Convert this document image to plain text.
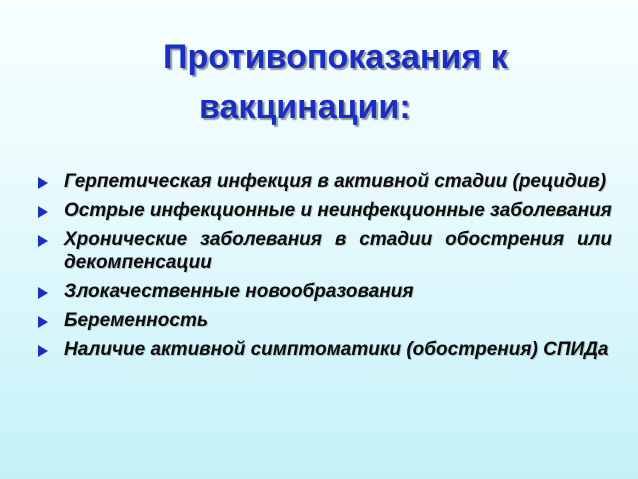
Противопоказания к
вакцинации:
Герпетическая инфекция в активной стадии (рецидив)
Острые инфекционные и неинфекционные заболевания
Хронические заболевания в стадии обострения или декомпенсации
Злокачественные новообразования
Беременность
Наличие активной симптоматики (обострения) СПИДа
